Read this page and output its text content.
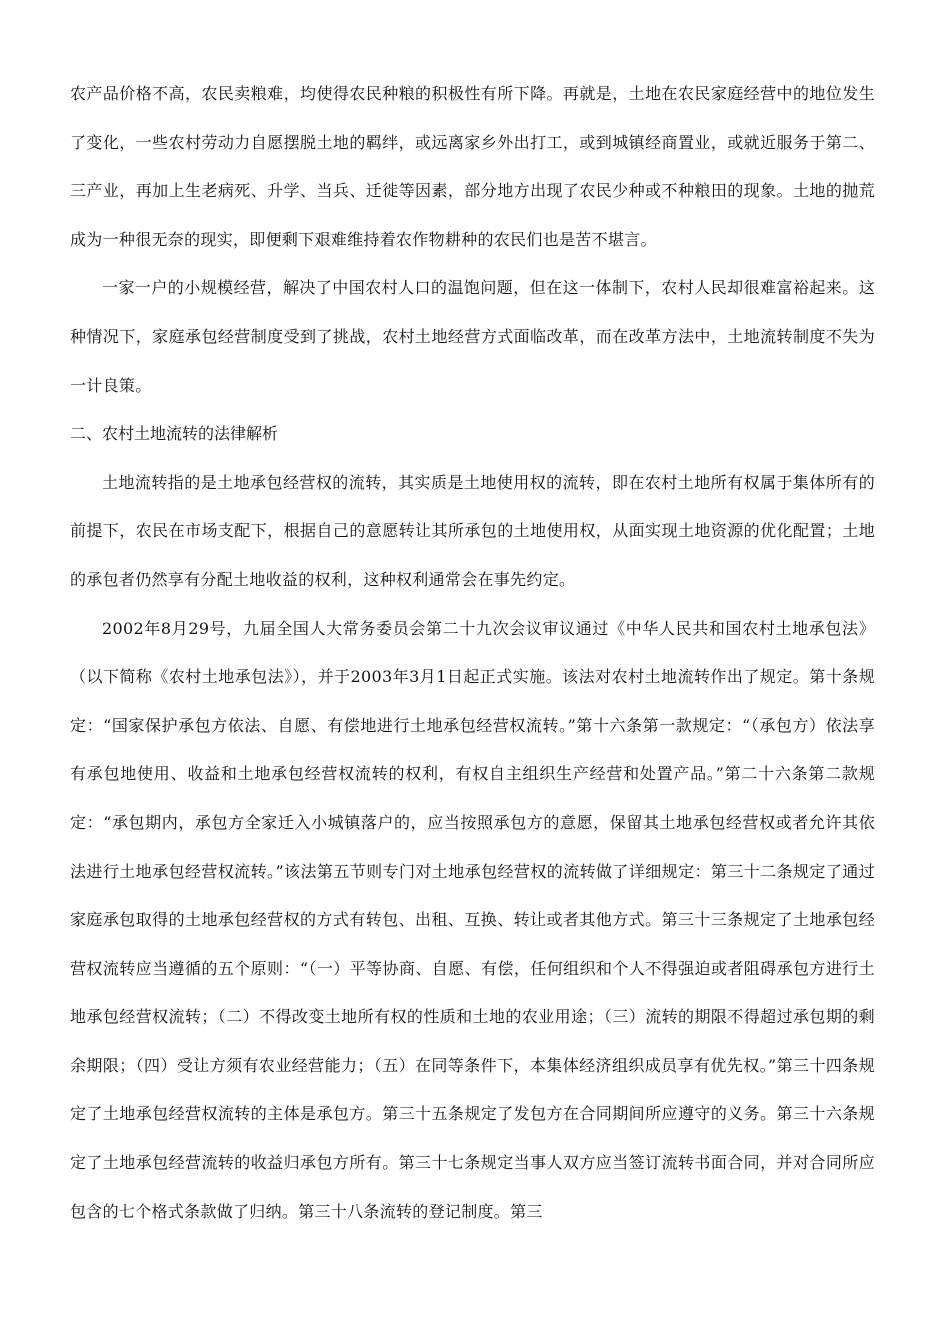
农产品价格不高，农民卖粮难，均使得农民种粮的积极性有所下降。再就是，土地在农民家庭经营中的地位发生了变化，一些农村劳动力自愿摆脱土地的羁绊，或远离家乡外出打工，或到城镇经商置业，或就近服务于第二、三产业，再加上生老病死、升学、当兵、迁徙等因素，部分地方出现了农民少种或不种粮田的现象。土地的抛荒成为一种很无奈的现实，即便剩下艰难维持着农作物耕种的农民们也是苦不堪言。

一家一户的小规模经营，解决了中国农村人口的温饱问题，但在这一体制下，农村人民却很难富裕起来。这种情况下，家庭承包经营制度受到了挑战，农村土地经营方式面临改革，而在改革方法中，土地流转制度不失为一计良策。

二、农村土地流转的法律解析

土地流转指的是土地承包经营权的流转，其实质是土地使用权的流转，即在农村土地所有权属于集体所有的前提下，农民在市场支配下，根据自己的意愿转让其所承包的土地使用权，从面实现土地资源的优化配置；土地的承包者仍然享有分配土地收益的权利，这种权利通常会在事先约定。

2002年8月29号，九届全国人大常务委员会第二十九次会议审议通过《中华人民共和国农村土地承包法》（以下简称《农村土地承包法》），并于2003年3月1日起正式实施。该法对农村土地流转作出了规定。第十条规定：“国家保护承包方依法、自愿、有偿地进行土地承包经营权流转。”第十六条第一款规定：“（承包方）依法享有承包地使用、收益和土地承包经营权流转的权利，有权自主组织生产经营和处置产品。”第二十六条第二款规定：“承包期内，承包方全家迁入小城镇落户的，应当按照承包方的意愿，保留其土地承包经营权或者允许其依法进行土地承包经营权流转。”该法第五节则专门对土地承包经营权的流转做了详细规定：第三十二条规定了通过家庭承包取得的土地承包经营权的方式有转包、出租、互换、转让或者其他方式。第三十三条规定了土地承包经营权流转应当遵循的五个原则：“（一）平等协商、自愿、有偿，任何组织和个人不得强迫或者阻碍承包方进行土地承包经营权流转；（二）不得改变土地所有权的性质和土地的农业用途；（三）流转的期限不得超过承包期的剩余期限；（四）受让方须有农业经营能力；（五）在同等条件下，本集体经济组织成员享有优先权。”第三十四条规定了土地承包经营权流转的主体是承包方。第三十五条规定了发包方在合同期间所应遵守的义务。第三十六条规定了土地承包经营流转的收益归承包方所有。第三十七条规定当事人双方应当签订流转书面合同，并对合同所应包含的七个格式条款做了归纳。第三十八条流转的登记制度。第三
